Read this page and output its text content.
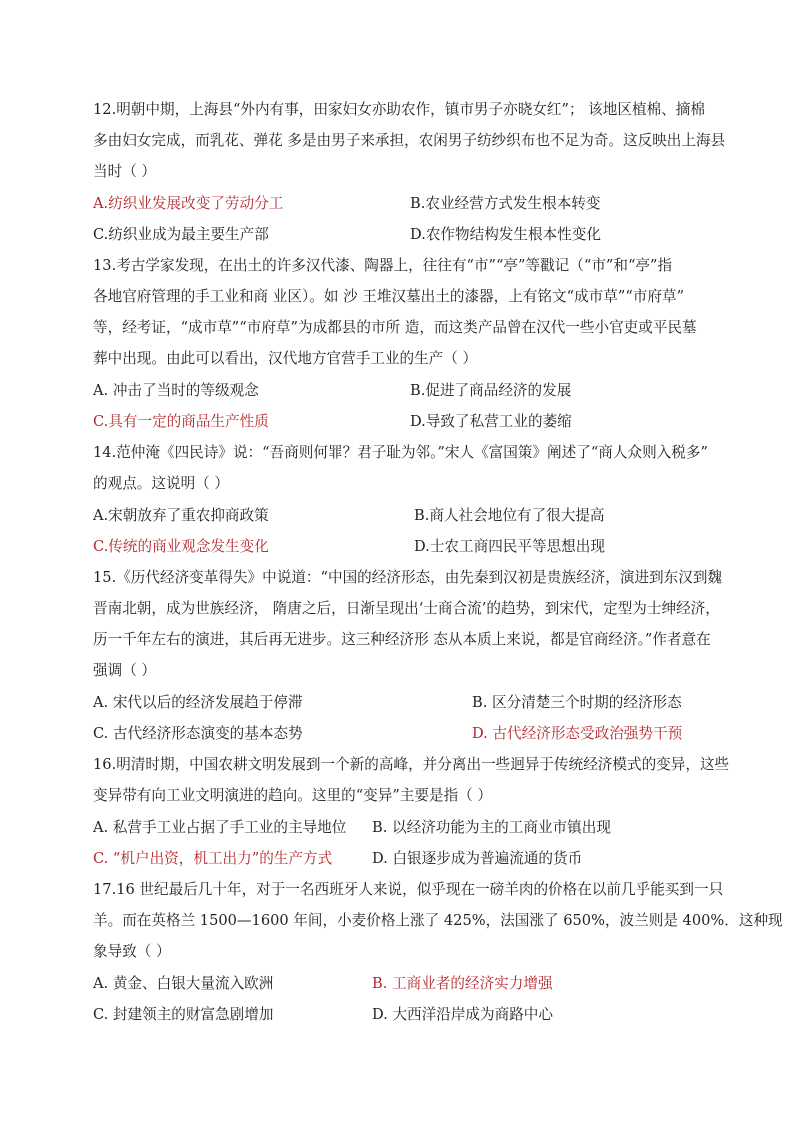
12.明朝中期，上海县“外内有事，田家妇女亦助农作，镇市男子亦晓女红”； 该地区植棉、摘棉
多由妇女完成，而乳花、弹花 多是由男子来承担，农闲男子纺纱织布也不足为奇。这反映出上海县
当时（ ）
A.纺织业发展改变了劳动分工	B.农业经营方式发生根本转变
C.纺织业成为最主要生产部	D.农作物结构发生根本性变化
13.考古学家发现，在出土的许多汉代漆、陶器上，往往有“市”“亭”等戳记（“市”和“亭”指
各地官府管理的手工业和商 业区）。如 沙 王堆汉墓出土的漆器，上有铭文“成市草”“市府草”
等，经考证，“成市草”“市府草”为成都县的市所 造，而这类产品曾在汉代一些小官吏或平民墓
葬中出现。由此可以看出，汉代地方官营手工业的生产（ ）
A. 冲击了当时的等级观念	B.促进了商品经济的发展
C.具有一定的商品生产性质	D.导致了私营工业的萎缩
14.范仲淹《四民诗》说：“吾商则何罪？君子耻为邻。”宋人《富国策》阐述了“商人众则入税多”
的观点。这说明（ ）
A.宋朝放弃了重农抑商政策	B.商人社会地位有了很大提高
C.传统的商业观念发生变化	D.士农工商四民平等思想出现
15.《历代经济变革得失》中说道：“中国的经济形态，由先秦到汉初是贵族经济，演进到东汉到魏
晋南北朝，成为世族经济， 隋唐之后，日渐呈现出‘士商合流’的趋势，到宋代，定型为士绅经济，
历一千年左右的演进，其后再无进步。这三种经济形 态从本质上来说，都是官商经济。”作者意在
强调（ ）
A. 宋代以后的经济发展趋于停滞	B. 区分清楚三个时期的经济形态
C. 古代经济形态演变的基本态势	D. 古代经济形态受政治强势干预
16.明清时期，中国农耕文明发展到一个新的高峰，并分离出一些迥异于传统经济模式的变异，这些
变异带有向工业文明演进的趋向。这里的“变异”主要是指（ ）
A. 私营手工业占据了手工业的主导地位 B. 以经济功能为主的工商业市镇出现
C. “机户出资，机工出力”的生产方式	D. 白银逐步成为普遍流通的货币
17.16 世纪最后几十年，对于一名西班牙人来说，似乎现在一磅羊肉的价格在以前几乎能买到一只
羊。而在英格兰 1500—1600 年间，小麦价格上涨了 425%，法国涨了 650%，波兰则是 400%．这种现
象导致（ ）
A. 黄金、白银大量流入欧洲	B. 工商业者的经济实力增强
C. 封建领主的财富急剧增加	D. 大西洋沿岸成为商路中心
